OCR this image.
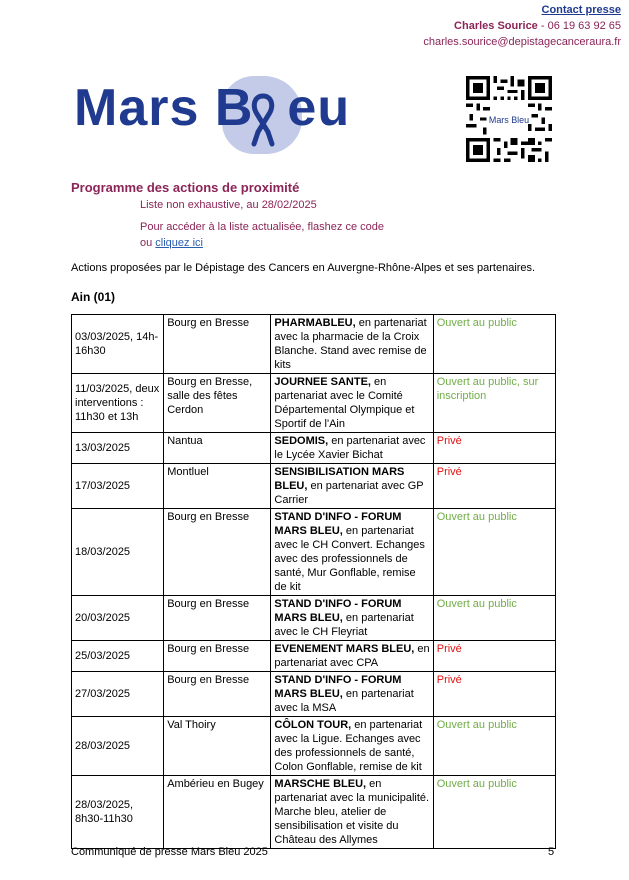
Contact presse
Charles Sourice - 06 19 63 92 65
charles.sourice@depistagecanceraura.fr
Mars B eu	Mars Bleu
Programme des actions de proximité
Liste non exhaustive, au 28/02/2025
Pour accéder à la liste actualisée, flashez ce code
ou cliquez ici
Actions proposées par le Dépistage des Cancers en Auvergne-Rhône-Alpes et ses partenaires.
Ain (01)
03/03/2025, 14h-16h30	Bourg en Bresse	PHARMABLEU, en partenariat avec la pharmacie de la Croix Blanche. Stand avec remise de kits	Ouvert au public
11/03/2025, deux interventions : 11h30 et 13h	Bourg en Bresse, salle des fêtes Cerdon	JOURNEE SANTE, en partenariat avec le Comité Départemental Olympique et Sportif de l'Ain	Ouvert au public, sur inscription
13/03/2025	Nantua	SEDOMIS, en partenariat avec le Lycée Xavier Bichat	Privé
17/03/2025	Montluel	SENSIBILISATION MARS BLEU, en partenariat avec GP Carrier	Privé
18/03/2025	Bourg en Bresse	STAND D'INFO - FORUM MARS BLEU, en partenariat avec le CH Convert. Echanges avec des professionnels de santé, Mur Gonflable, remise de kit	Ouvert au public
20/03/2025	Bourg en Bresse	STAND D'INFO - FORUM MARS BLEU, en partenariat avec le CH Fleyriat	Ouvert au public
25/03/2025	Bourg en Bresse	EVENEMENT MARS BLEU, en partenariat avec CPA	Privé
27/03/2025	Bourg en Bresse	STAND D'INFO - FORUM MARS BLEU, en partenariat avec la MSA	Privé
28/03/2025	Val Thoiry	CÔLON TOUR, en partenariat avec la Ligue. Echanges avec des professionnels de santé, Colon Gonflable, remise de kit	Ouvert au public
28/03/2025, 8h30-11h30	Ambérieu en Bugey	MARSCHE BLEU, en partenariat avec la municipalité. Marche bleu, atelier de sensibilisation et visite du Château des Allymes	Ouvert au public
Communiqué de presse Mars Bleu 2025	5
